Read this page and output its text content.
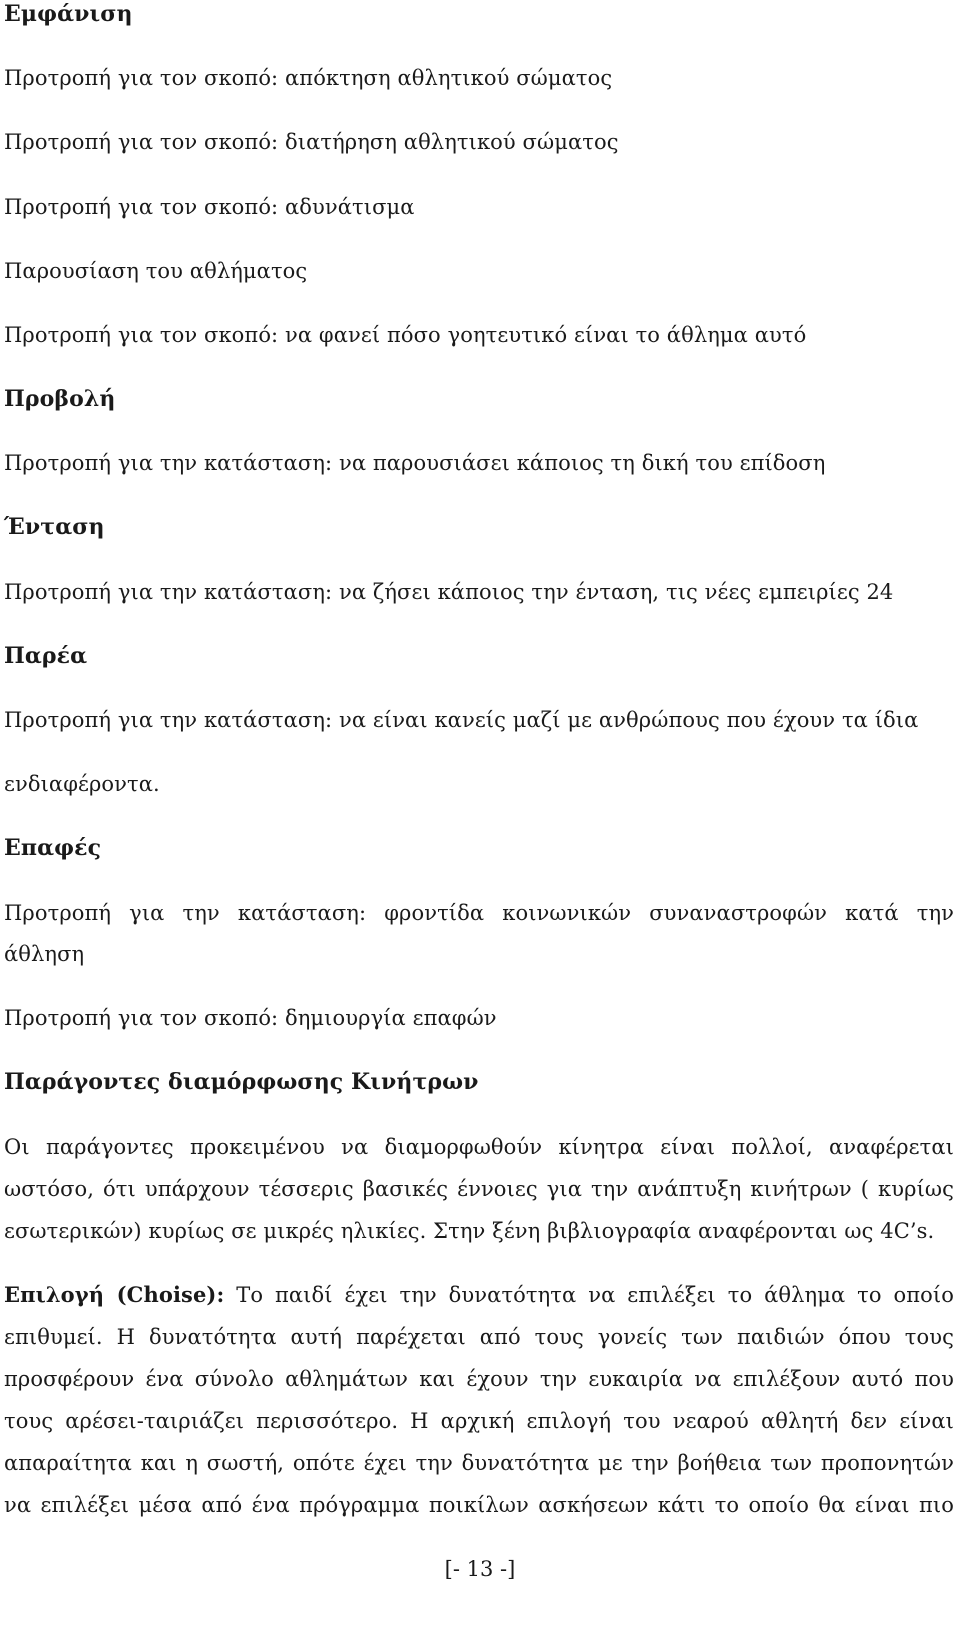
Εμφάνιση
Προτροπή για τον σκοπό: απόκτηση αθλητικού σώματος
Προτροπή για τον σκοπό: διατήρηση αθλητικού σώματος
Προτροπή για τον σκοπό: αδυνάτισμα
Παρουσίαση του αθλήματος
Προτροπή για τον σκοπό: να φανεί πόσο γοητευτικό είναι το άθλημα αυτό
Προβολή
Προτροπή για την κατάσταση: να παρουσιάσει κάποιος τη δική του επίδοση
Ένταση
Προτροπή για την κατάσταση: να ζήσει κάποιος την ένταση, τις νέες εμπειρίες 24
Παρέα
Προτροπή για την κατάσταση: να είναι κανείς μαζί με ανθρώπους που έχουν τα ίδια
ενδιαφέροντα.
Επαφές
Προτροπή για την κατάσταση: φροντίδα κοινωνικών συναναστροφών κατά την
άθληση
Προτροπή για τον σκοπό: δημιουργία επαφών
Παράγοντες διαμόρφωσης Κινήτρων
Οι παράγοντες προκειμένου να διαμορφωθούν κίνητρα είναι πολλοί, αναφέρεται
ωστόσο, ότι υπάρχουν τέσσερις βασικές έννοιες για την ανάπτυξη κινήτρων ( κυρίως
εσωτερικών) κυρίως σε μικρές ηλικίες. Στην ξένη βιβλιογραφία αναφέρονται ως 4C’s.
Επιλογή (Choise): Το παιδί έχει την δυνατότητα να επιλέξει το άθλημα το οποίο
επιθυμεί. Η δυνατότητα αυτή παρέχεται από τους γονείς των παιδιών όπου τους
προσφέρουν ένα σύνολο αθλημάτων και έχουν την ευκαιρία να επιλέξουν αυτό που
τους αρέσει-ταιριάζει περισσότερο. Η αρχική επιλογή του νεαρού αθλητή δεν είναι
απαραίτητα και η σωστή, οπότε έχει την δυνατότητα με την βοήθεια των προπονητών
να επιλέξει μέσα από ένα πρόγραμμα ποικίλων ασκήσεων κάτι το οποίο θα είναι πιο
[- 13 -]
